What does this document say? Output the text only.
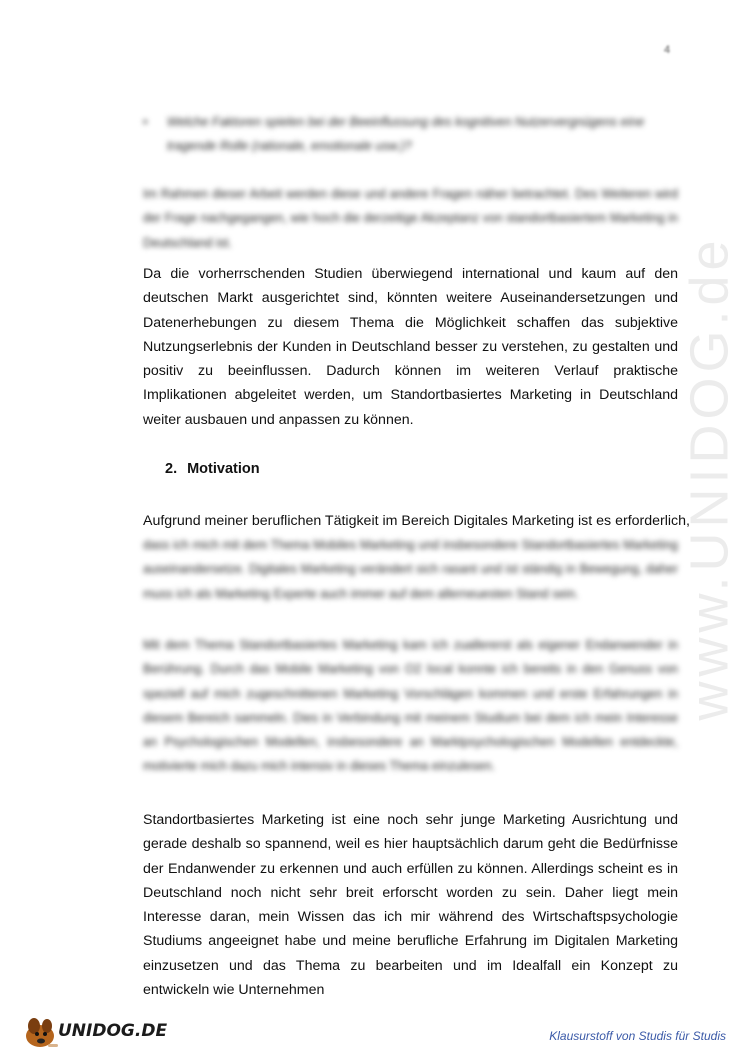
www.UNIDOG.de
4
• Welche Faktoren spielen bei der Beeinflussung des kognitiven Nutzervergnügens eine tragende Rolle (rationale, emotionale usw.)?
Im Rahmen dieser Arbeit werden diese und andere Fragen näher betrachtet. Des Weiteren wird der Frage nachgegangen, wie hoch die derzeitige Akzeptanz von standortbasiertem Marketing in Deutschland ist.
Da die vorherrschenden Studien überwiegend international und kaum auf den deutschen Markt ausgerichtet sind, könnten weitere Auseinandersetzungen und Datenerhebungen zu diesem Thema die Möglichkeit schaffen das subjektive Nutzungserlebnis der Kunden in Deutschland besser zu verstehen, zu gestalten und positiv zu beeinflussen. Dadurch können im weiteren Verlauf praktische Implikationen abgeleitet werden, um Standortbasiertes Marketing in Deutschland weiter ausbauen und anpassen zu können.
2. Motivation
Aufgrund meiner beruflichen Tätigkeit im Bereich Digitales Marketing ist es erforderlich,
dass ich mich mit dem Thema Mobiles Marketing und insbesondere Standortbasiertes Marketing auseinandersetze. Digitales Marketing verändert sich rasant und ist ständig in Bewegung, daher muss ich als Marketing Experte auch immer auf dem allerneuesten Stand sein.
Mit dem Thema Standortbasiertes Marketing kam ich zuallererst als eigener Endanwender in Berührung. Durch das Mobile Marketing von O2 local konnte ich bereits in den Genuss von speziell auf mich zugeschnittenen Marketing Vorschlägen kommen und erste Erfahrungen in diesem Bereich sammeln. Dies in Verbindung mit meinem Studium bei dem ich mein Interesse an Psychologischen Modellen, insbesondere an Marktpsychologischen Modellen entdeckte, motivierte mich dazu mich intensiv in dieses Thema einzulesen.
Standortbasiertes Marketing ist eine noch sehr junge Marketing Ausrichtung und gerade deshalb so spannend, weil es hier hauptsächlich darum geht die Bedürfnisse der Endanwender zu erkennen und auch erfüllen zu können. Allerdings scheint es in Deutschland noch nicht sehr breit erforscht worden zu sein. Daher liegt mein Interesse daran, mein Wissen das ich mir während des Wirtschaftspsychologie Studiums angeeignet habe und meine berufliche Erfahrung im Digitalen Marketing einzusetzen und das Thema zu bearbeiten und im Idealfall ein Konzept zu entwickeln wie Unternehmen
UNIDOG.DE	Klausurstoff von Studis für Studis
